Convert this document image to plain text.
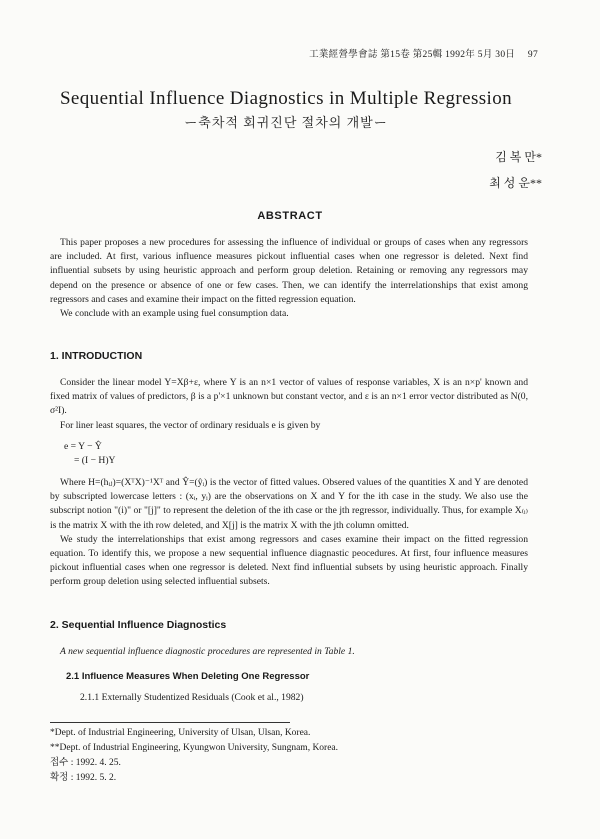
工業經營學會誌 第15卷 第25輯 1992年 5月 30日 97
Sequential Influence Diagnostics in Multiple Regression
ー축차적 회귀진단 절차의 개발ー
김 복 만*
최 성 운**
ABSTRACT

This paper proposes a new procedures for assessing the influence of individual or groups of cases when any regressors are included. At first, various influence measures pickout influential cases when one regressor is deleted. Next find influential subsets by using heuristic approach and perform group deletion. Retaining or removing any regressors may depend on the presence or absence of one or few cases. Then, we can identify the interrelationships that exist among regressors and cases and examine their impact on the fitted regression equation.

We conclude with an example using fuel consumption data.

1. INTRODUCTION

Consider the linear model Y=Xβ+ε, where Y is an n×1 vector of values of response variables, X is an n×p' known and fixed matrix of values of predictors, β is a p'×1 unknown but constant vector, and ε is an n×1 error vector distributed as N(0, σ²I).

For liner least squares, the vector of ordinary residuals e is given by

e = Y − Ŷ
= (I − H)Y

Where H=(hᵢⱼ)=(XᵀX)⁻¹Xᵀ and Ŷ=(ŷᵢ) is the vector of fitted values. Obsered values of the quantities X and Y are denoted by subscripted lowercase letters : (xᵢ, yᵢ) are the observations on X and Y for the ith case in the study. We also use the subscript notion "(i)" or "[j]" to represent the deletion of the ith case or the jth regressor, individually. Thus, for example X₍ᵢ₎ is the matrix X with the ith row deleted, and X[j] is the matrix X with the jth column omitted.

We study the interrelationships that exist among regressors and cases examine their impact on the fitted regression equation. To identify this, we propose a new sequential influence diagnastic peocedures. At first, four influence measures pickout influential cases when one regressor is deleted. Next find influential subsets by using heuristic approach. Finally perform group deletion using selected influential subsets.

2. Sequential Influence Diagnostics

A new sequential influence diagnostic procedures are represented in Table 1.

2.1 Influence Measures When Deleting One Regressor
2.1.1 Externally Studentized Residuals (Cook et al., 1982)
*Dept. of Industrial Engineering, University of Ulsan, Ulsan, Korea.
**Dept. of Industrial Engineering, Kyungwon University, Sungnam, Korea.
접수 : 1992. 4. 25.
확정 : 1992. 5. 2.
